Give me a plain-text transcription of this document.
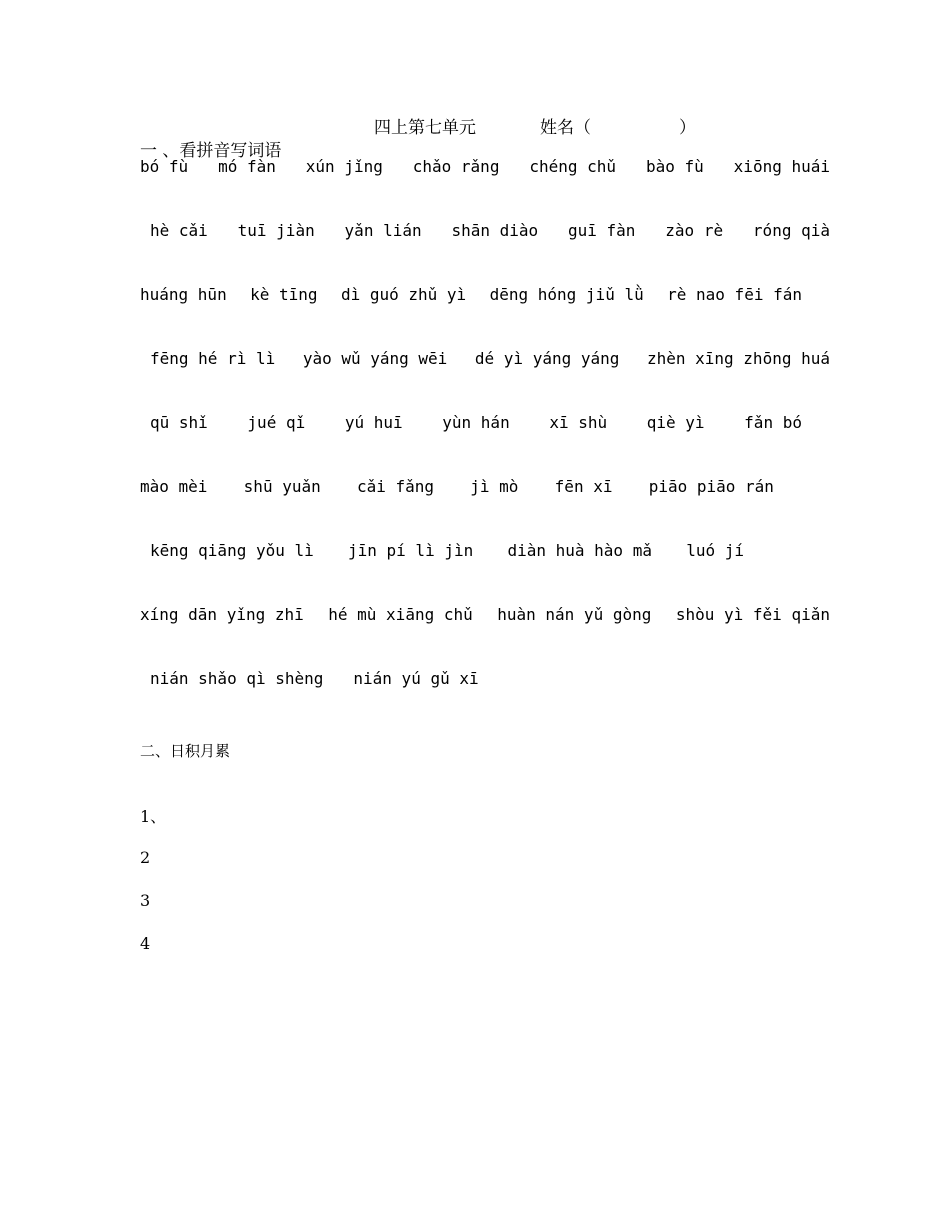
四上第七单元	姓名（	）
一 、看拼音写词语
bó fù mó fàn xún jǐng chǎo rǎng chéng chǔ bào fù xiōng huái
hè cǎi tuī jiàn yǎn lián shān diào guī fàn zào rè róng qià
huáng hūn kè tīng dì guó zhǔ yì dēng hóng jiǔ lǜ rè nao fēi fán
fēng hé rì lì yào wǔ yáng wēi dé yì yáng yáng zhèn xīng zhōng huá
qū shǐ jué qǐ yú huī yùn hán xī shù qiè yì fǎn bó
mào mèi shū yuǎn cǎi fǎng jì mò fēn xī piāo piāo rán
kēng qiāng yǒu lì jīn pí lì jìn diàn huà hào mǎ luó jí
xíng dān yǐng zhī hé mù xiāng chǔ huàn nán yǔ gòng shòu yì fěi qiǎn
nián shǎo qì shèng nián yú gǔ xī
二、日积月累
1、
2
3
4
